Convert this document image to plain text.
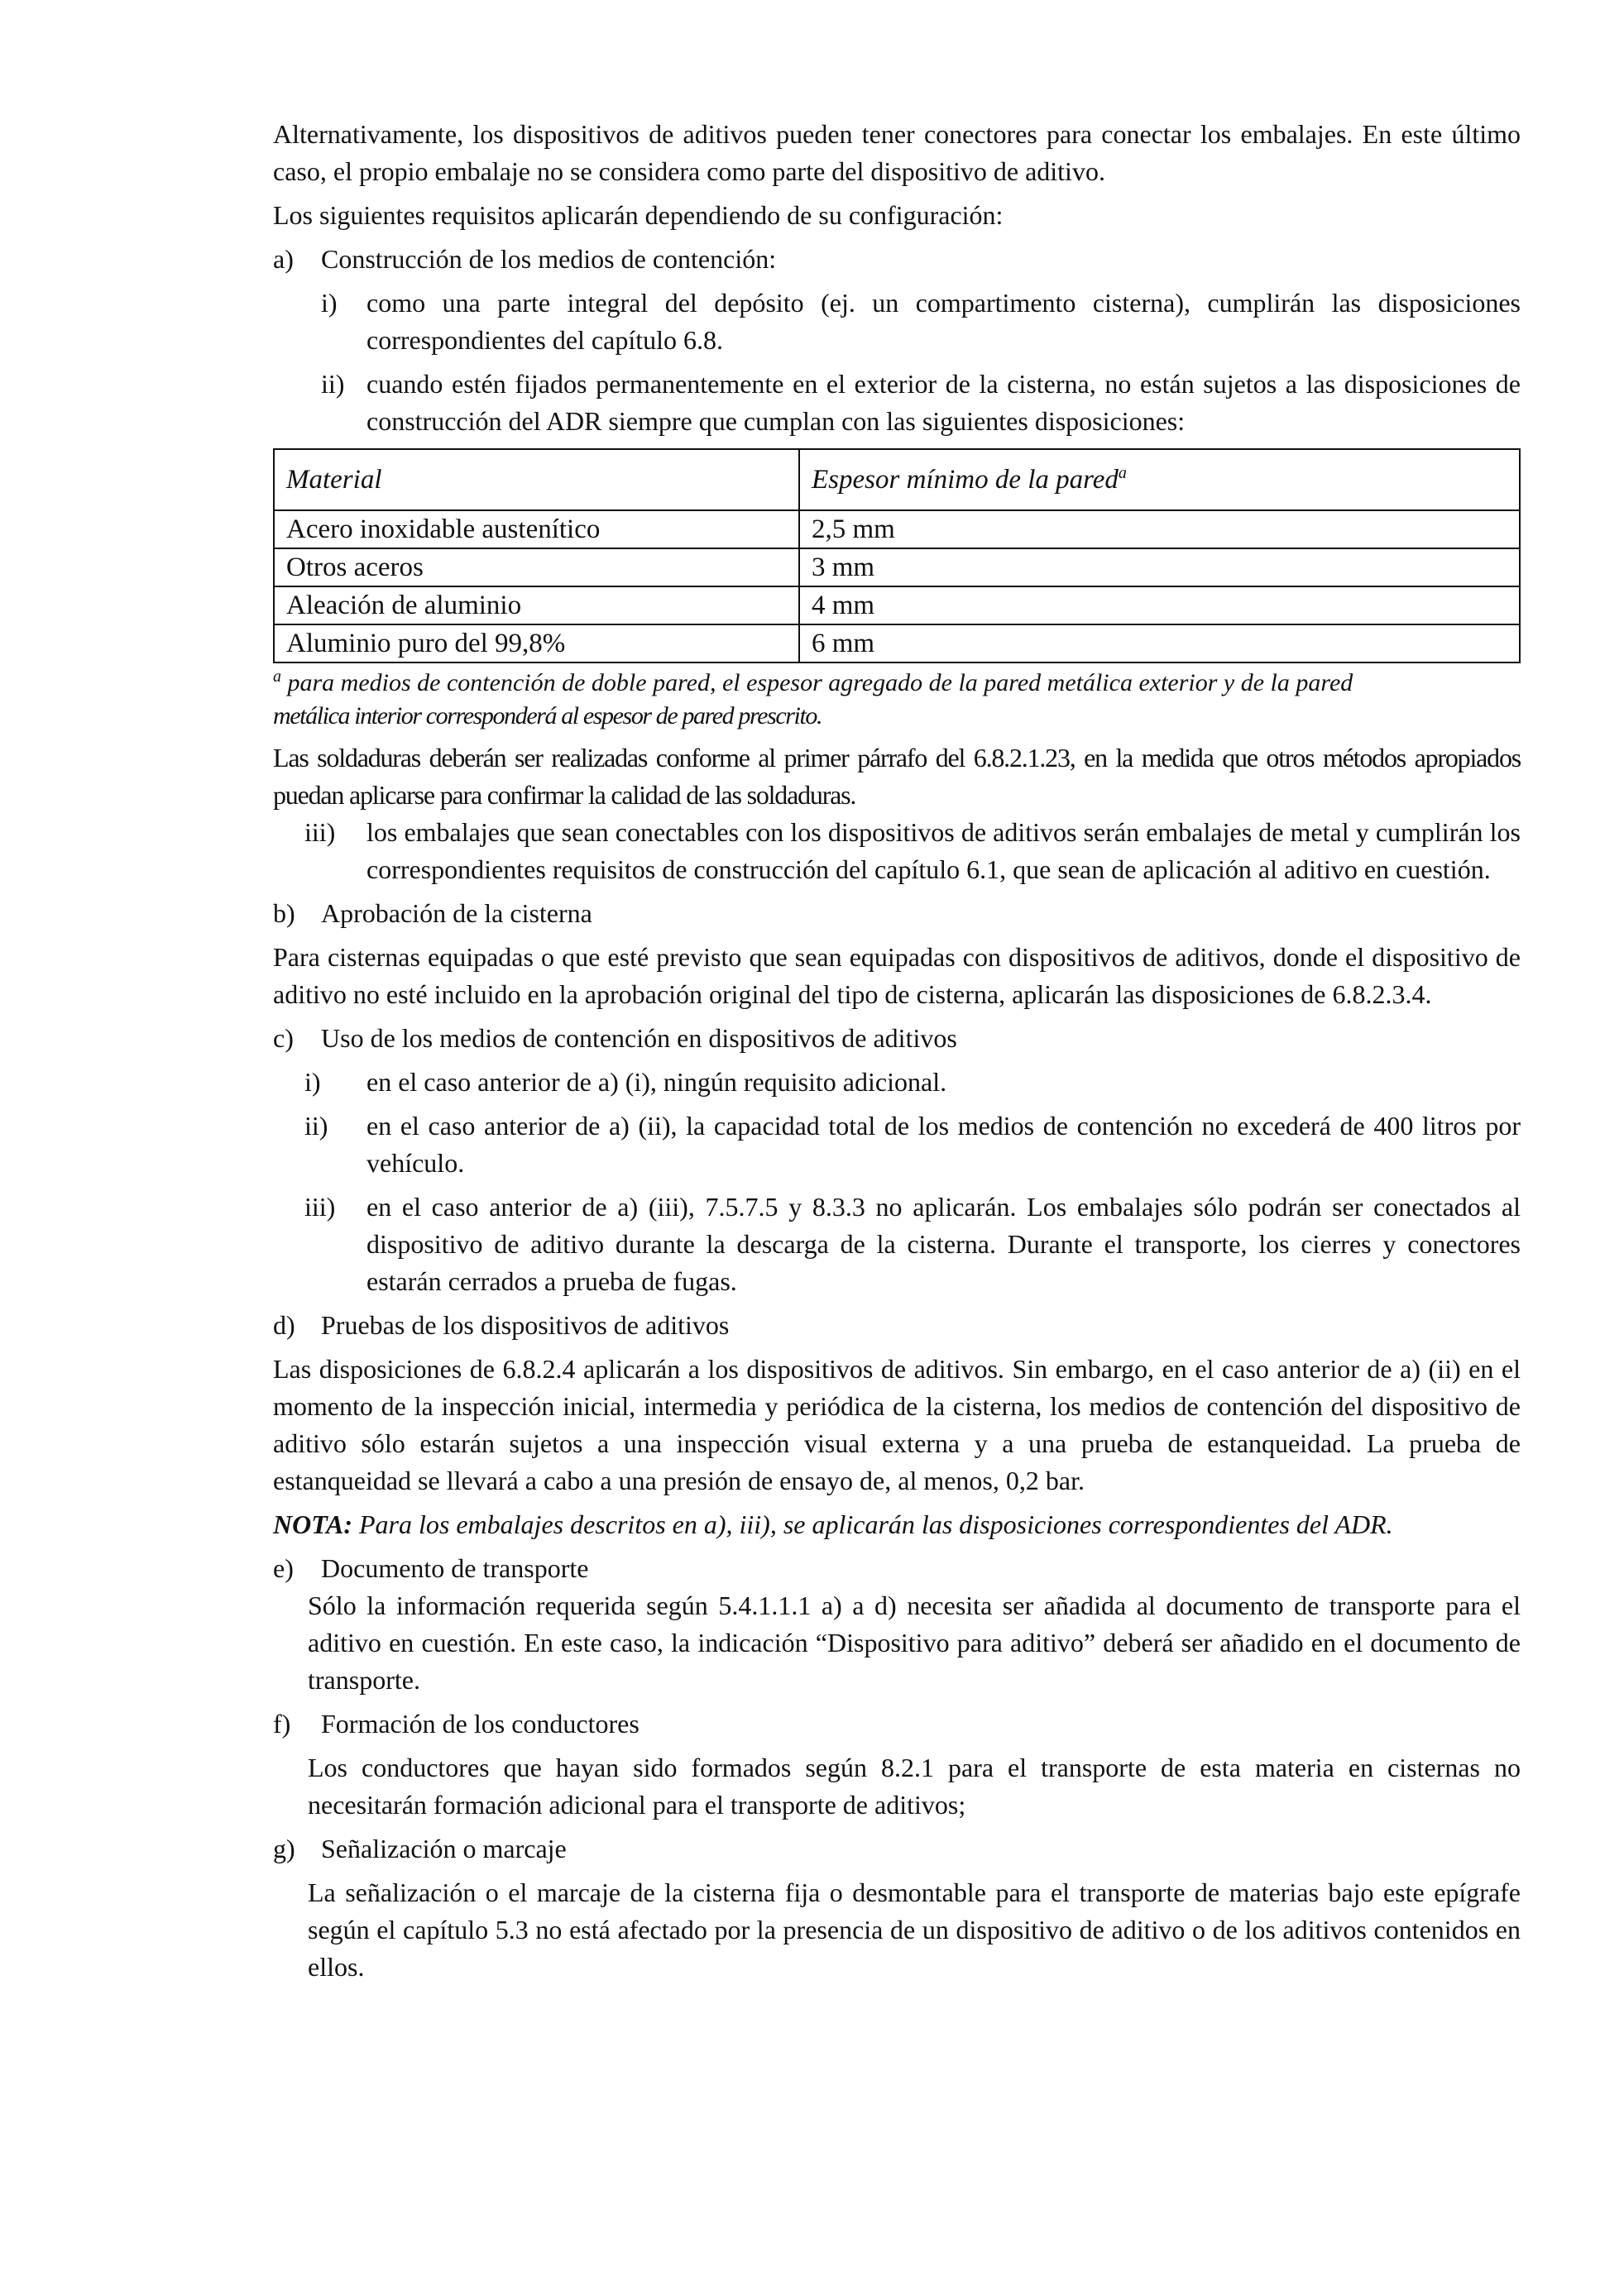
Alternativamente, los dispositivos de aditivos pueden tener conectores para conectar los embalajes. En este último caso, el propio embalaje no se considera como parte del dispositivo de aditivo.

Los siguientes requisitos aplicarán dependiendo de su configuración:

a)	Construcción de los medios de contención:
i)	como una parte integral del depósito (ej. un compartimento cisterna), cumplirán las disposiciones correspondientes del capítulo 6.8.
ii) cuando estén fijados permanentemente en el exterior de la cisterna, no están sujetos a las disposiciones de construcción del ADR siempre que cumplan con las siguientes disposiciones:
Material	Espesor mínimo de la pared$^a$
Acero inoxidable austenítico	2,5 mm
Otros aceros	3 mm
Aleación de aluminio	4 mm
Aluminio puro del 99,8%	6 mm
$^a$ para medios de contención de doble pared, el espesor agregado de la pared metálica exterior y de la pared
metálica interior corresponderá al espesor de pared prescrito.

Las soldaduras deberán ser realizadas conforme al primer párrafo del 6.8.2.1.23, en la medida que otros métodos apropiados puedan aplicarse para confirmar la calidad de las soldaduras.

iii)	los embalajes que sean conectables con los dispositivos de aditivos serán embalajes de metal y cumplirán los correspondientes requisitos de construcción del capítulo 6.1, que sean de aplicación al aditivo en cuestión.
b) Aprobación de la cisterna

Para cisternas equipadas o que esté previsto que sean equipadas con dispositivos de aditivos, donde el dispositivo de aditivo no esté incluido en la aprobación original del tipo de cisterna, aplicarán las disposiciones de 6.8.2.3.4.

c)	Uso de los medios de contención en dispositivos de aditivos
i)	en el caso anterior de a) (i), ningún requisito adicional.
ii)	en el caso anterior de a) (ii), la capacidad total de los medios de contención no excederá de 400 litros por vehículo.
iii)	en el caso anterior de a) (iii), 7.5.7.5 y 8.3.3 no aplicarán. Los embalajes sólo podrán ser conectados al dispositivo de aditivo durante la descarga de la cisterna. Durante el transporte, los cierres y conectores estarán cerrados a prueba de fugas.
d) Pruebas de los dispositivos de aditivos

Las disposiciones de 6.8.2.4 aplicarán a los dispositivos de aditivos. Sin embargo, en el caso anterior de a) (ii) en el momento de la inspección inicial, intermedia y periódica de la cisterna, los medios de contención del dispositivo de aditivo sólo estarán sujetos a una inspección visual externa y a una prueba de estanqueidad. La prueba de estanqueidad se llevará a cabo a una presión de ensayo de, al menos, 0,2 bar.

NOTA: Para los embalajes descritos en a), iii), se aplicarán las disposiciones correspondientes del ADR.

e)	Documento de transporte

Sólo la información requerida según 5.4.1.1.1 a) a d) necesita ser añadida al documento de transporte para el aditivo en cuestión. En este caso, la indicación “Dispositivo para aditivo” deberá ser añadido en el documento de transporte.

f)	Formación de los conductores

Los conductores que hayan sido formados según 8.2.1 para el transporte de esta materia en cisternas no necesitarán formación adicional para el transporte de aditivos;

g) Señalización o marcaje

La señalización o el marcaje de la cisterna fija o desmontable para el transporte de materias bajo este epígrafe según el capítulo 5.3 no está afectado por la presencia de un dispositivo de aditivo o de los aditivos contenidos en ellos.
